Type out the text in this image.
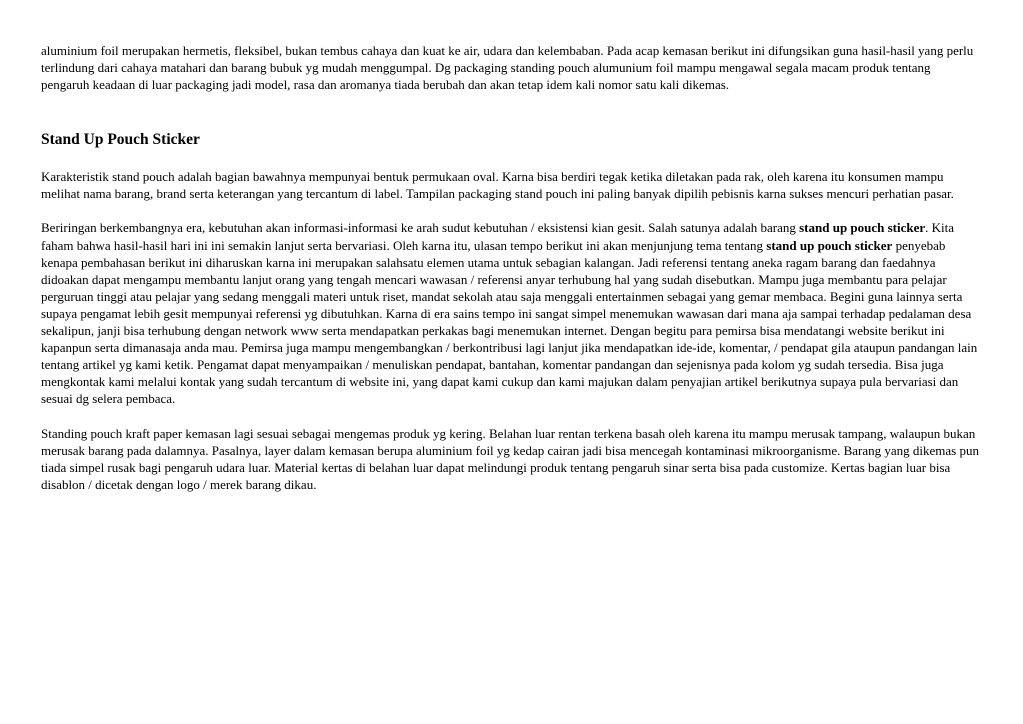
aluminium foil merupakan hermetis, fleksibel, bukan tembus cahaya dan kuat ke air, udara dan kelembaban. Pada acap kemasan berikut ini difungsikan guna hasil-hasil yang perlu terlindung dari cahaya matahari dan barang bubuk yg mudah menggumpal. Dg packaging standing pouch alumunium foil mampu mengawal segala macam produk tentang pengaruh keadaan di luar packaging jadi model, rasa dan aromanya tiada berubah dan akan tetap idem kali nomor satu kali dikemas.

Stand Up Pouch Sticker

Karakteristik stand pouch adalah bagian bawahnya mempunyai bentuk permukaan oval. Karna bisa berdiri tegak ketika diletakan pada rak, oleh karena itu konsumen mampu melihat nama barang, brand serta keterangan yang tercantum di label. Tampilan packaging stand pouch ini paling banyak dipilih pebisnis karna sukses mencuri perhatian pasar.

Beriringan berkembangnya era, kebutuhan akan informasi-informasi ke arah sudut kebutuhan / eksistensi kian gesit. Salah satunya adalah barang stand up pouch sticker. Kita faham bahwa hasil-hasil hari ini ini semakin lanjut serta bervariasi. Oleh karna itu, ulasan tempo berikut ini akan menjunjung tema tentang stand up pouch sticker penyebab kenapa pembahasan berikut ini diharuskan karna ini merupakan salahsatu elemen utama untuk sebagian kalangan. Jadi referensi tentang aneka ragam barang dan faedahnya didoakan dapat mengampu membantu lanjut orang yang tengah mencari wawasan / referensi anyar terhubung hal yang sudah disebutkan. Mampu juga membantu para pelajar perguruan tinggi atau pelajar yang sedang menggali materi untuk riset, mandat sekolah atau saja menggali entertainmen sebagai yang gemar membaca. Begini guna lainnya serta supaya pengamat lebih gesit mempunyai referensi yg dibutuhkan. Karna di era sains tempo ini sangat simpel menemukan wawasan dari mana aja sampai terhadap pedalaman desa sekalipun, janji bisa terhubung dengan network www serta mendapatkan perkakas bagi menemukan internet. Dengan begitu para pemirsa bisa mendatangi website berikut ini kapanpun serta dimanasaja anda mau. Pemirsa juga mampu mengembangkan / berkontribusi lagi lanjut jika mendapatkan ide-ide, komentar, / pendapat gila ataupun pandangan lain tentang artikel yg kami ketik. Pengamat dapat menyampaikan / menuliskan pendapat, bantahan, komentar pandangan dan sejenisnya pada kolom yg sudah tersedia. Bisa juga mengkontak kami melalui kontak yang sudah tercantum di website ini, yang dapat kami cukup dan kami majukan dalam penyajian artikel berikutnya supaya pula bervariasi dan sesuai dg selera pembaca.

Standing pouch kraft paper kemasan lagi sesuai sebagai mengemas produk yg kering. Belahan luar rentan terkena basah oleh karena itu mampu merusak tampang, walaupun bukan merusak barang pada dalamnya. Pasalnya, layer dalam kemasan berupa aluminium foil yg kedap cairan jadi bisa mencegah kontaminasi mikroorganisme. Barang yang dikemas pun tiada simpel rusak bagi pengaruh udara luar. Material kertas di belahan luar dapat melindungi produk tentang pengaruh sinar serta bisa pada customize. Kertas bagian luar bisa disablon / dicetak dengan logo / merek barang dikau.
